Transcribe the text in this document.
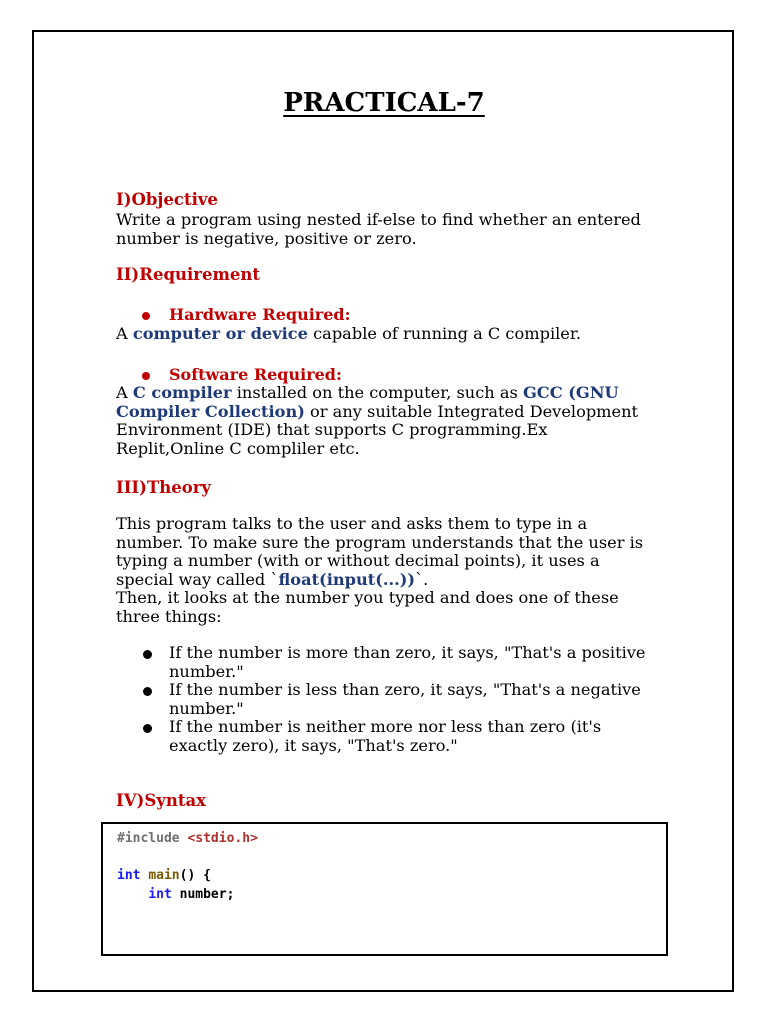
PRACTICAL-7
I)Objective
Write a program using nested if-else to find whether an entered number is negative, positive or zero.
II)Requirement
Hardware Required:
A computer or device capable of running a C compiler.
Software Required:
A C compiler installed on the computer, such as GCC (GNU Compiler Collection) or any suitable Integrated Development Environment (IDE) that supports C programming.Ex Replit,Online C compliler etc.
III)Theory
This program talks to the user and asks them to type in a number. To make sure the program understands that the user is typing a number (with or without decimal points), it uses a special way called `float(input(...))`.
Then, it looks at the number you typed and does one of these three things:
If the number is more than zero, it says, "That's a positive number."
If the number is less than zero, it says, "That's a negative number."
If the number is neither more nor less than zero (it's exactly zero), it says, "That's zero."
IV)Syntax
#include <stdio.h>

int main() {
int number;
